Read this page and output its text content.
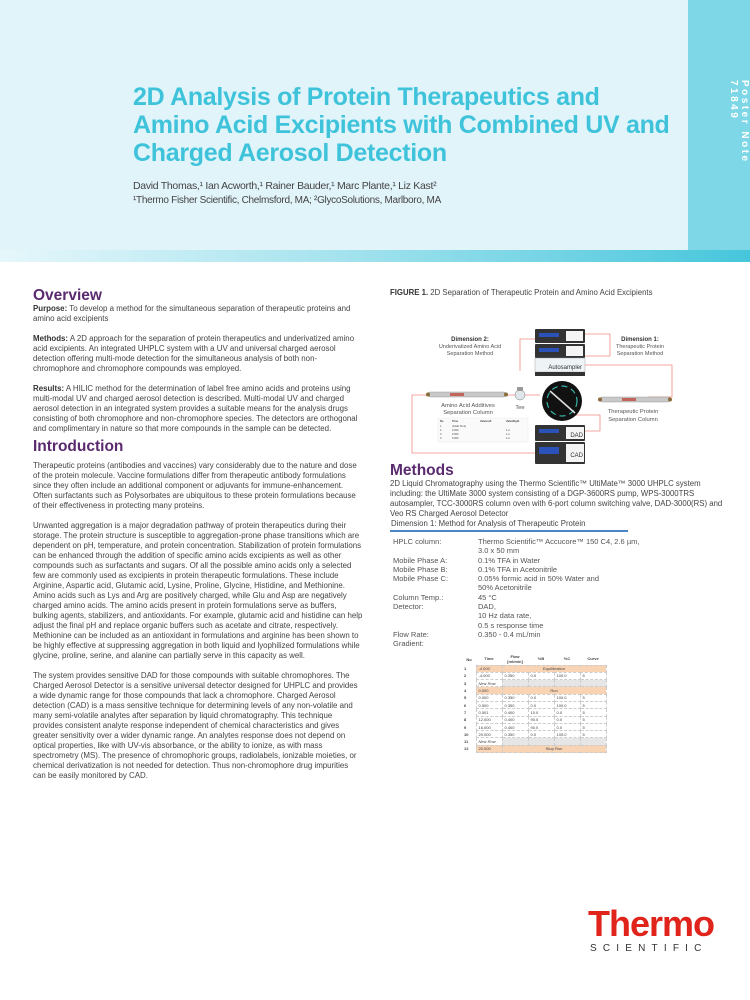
Poster Note 71849
2D Analysis of Protein Therapeutics and Amino Acid Excipients with Combined UV and Charged Aerosol Detection
David Thomas,¹ Ian Acworth,¹ Rainer Bauder,¹ Marc Plante,¹ Liz Kast²
¹Thermo Fisher Scientific, Chelmsford, MA; ²GlycoSolutions, Marlboro, MA
Overview

Purpose: To develop a method for the simultaneous separation of therapeutic proteins and amino acid excipients

Methods: A 2D approach for the separation of protein therapeutics and underivatized amino acid excipients. An integrated UHPLC system with a UV and universal charged aerosol detection offering multi-mode detection for the simultaneous analysis of both non-chromophore and chromophore compounds was employed.

Results: A HILIC method for the determination of label free amino acids and proteins using multi-modal UV and charged aerosol detection is described. Multi-modal UV and charged aerosol detection in an integrated system provides a suitable means for the analysis drugs consisting of both chromophore and non-chromophore species. The detectors are orthogonal and complimentary in nature so that more compounds in the sample can be detected.

Introduction

Therapeutic proteins (antibodies and vaccines) vary considerably due to the nature and dose of the protein molecule. Vaccine formulations differ from therapeutic antibody formulations since they often include an additional component or adjuvants for immune-enhancement. Often surfactants such as Polysorbates are ubiquitous to these protein formulations because of their effectiveness in protecting many proteins.

Unwanted aggregation is a major degradation pathway of protein therapeutics during their storage. The protein structure is susceptible to aggregation-prone phase transitions which are dependent on pH, temperature, and protein concentration. Stabilization of protein formulations can be enhanced through the addition of specific amino acids excipients as well as other compounds such as surfactants and sugars. Of all the possible amino acids only a selected few are commonly used as excipients in protein therapeutic formulations. These include Arginine, Aspartic acid, Glutamic acid, Lysine, Proline, Glycine, Histidine, and Methionine. Amino acids such as Lys and Arg are positively charged, while Glu and Asp are negatively charged amino acids. The amino acids present in protein formulations serve as buffers, bulking agents, stabilizers, and antioxidants. For example, glutamic acid and histidine can help adjust the final pH and replace organic buffers such as acetate and citrate, respectively. Methionine can be included as an antioxidant in formulations and arginine has been shown to be highly effective at suppressing aggregation in both liquid and lyophilized formulations while glycine, proline, serine, and alanine can partially serve in this capacity as well.

The system provides sensitive DAD for those compounds with suitable chromophores. The Charged Aerosol Detector is a sensitive universal detector designed for UHPLC and provides a wide dynamic range for those compounds that lack a chromophore. Charged Aerosol detection (CAD) is a mass sensitive technique for determining levels of any non-volatile and many semi-volatile analytes after separation by liquid chromatography. This technique provides consistent analyte response independent of chemical characteristics and gives greater sensitivity over a wider dynamic range. An analytes response does not depend on optical properties, like with UV-vis absorbance, or the ability to ionize, as with mass spectrometry (MS). The presence of chromophoric groups, radiolabels, ionizable moieties, or chemical derivatization is not needed for detection. Thus non-chromophore drug impurities can be easily monitored by CAD.

FIGURE 1. 2D Separation of Therapeutic Protein and Amino Acid Excipients
Autosampler
Dimension 2:
Underivatized Amino Acid
Separation Method
Dimension 1:
Therapeutic Protein
Separation Method
Amino Acid Additives
Separation Column
Tee
Therapeutic Protein
Separation Column
No	Time	ValveLeft	ValveRight
1	(Initial Time)
2	0.000	1-2
3	0.500	1-1
4	5.000	1-2	DAD
CAD
Methods

2D Liquid Chromatography using the Thermo Scientific™ UltiMate™ 3000 UHPLC system including: the UltiMate 3000 system consisting of a DGP-3600RS pump, WPS-3000TRS autosampler, TCC-3000RS column oven with 6-port column switching valve, DAD-3000(RS) and Veo RS Charged Aerosol Detector

Dimension 1: Method for Analysis of Therapeutic Protein
HPLC column:	Thermo Scientific™ Accucore™ 150 C4, 2.6 µm,
3.0 x 50 mm
Mobile Phase A:	0.1% TFA in Water
Mobile Phase B:	0.1% TFA in Acetonitrile
Mobile Phase C:	0.05% formic acid in 50% Water and
50% Acetonitrile
Column Temp.:	45 °C
Detector:	DAD,
10 Hz data rate,
0.5 s response time
Flow Rate:	0.350 - 0.4 mL/min
Gradient:
No	Time	Flow [ml/min]	%B	%C	Curve
1	-4.000	Equilibration			
2	-4.000	0.350	0.0	100.0	5
3	New Row				
4	0.000	Run			
5	0.000	0.350	0.0	100.0	5
6	0.500	0.350	0.0	100.0	5
7	0.501	0.400	10.0	0.0	5
8	12.000	0.400	90.0	0.0	5
9	16.000	0.400	90.0	0.0	5
10	20.000	0.350	0.0	100.0	5
11	New Row				
12	20.000	Stop Run			
Thermo
SCIENTIFIC
